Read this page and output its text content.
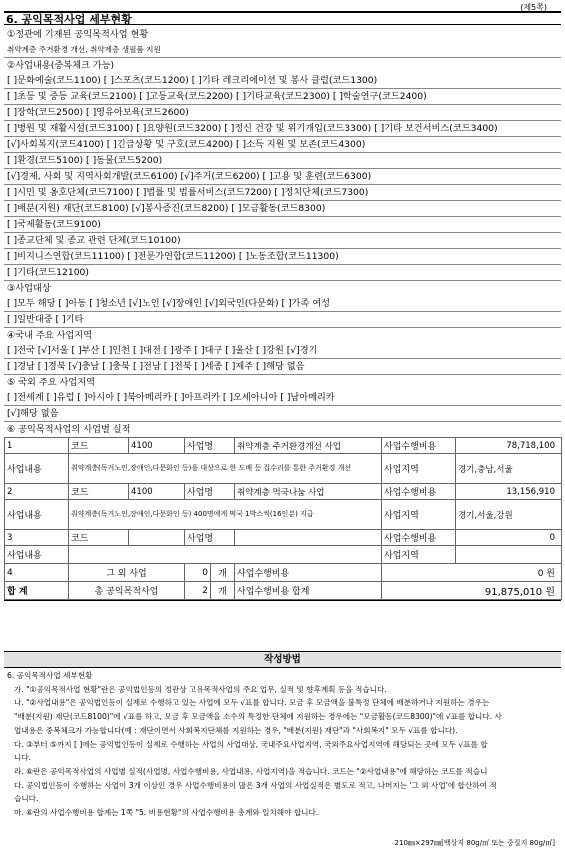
(제5쪽)
6. 공익목적사업 세부현황
①정관에 기재된 공익목적사업 현황
취약계층 주거환경 개선, 취약계층 생필품 지원
②사업내용(중복체크 가능)
[ ]문화예술(코드1100) [ ]스포츠(코드1200) [ ]기타 레크리에이션 및 봉사 클럽(코드1300)
[ ]초등 및 중등 교육(코드2100) [ ]고등교육(코드2200) [ ]기타교육(코드2300) [ ]학술연구(코드2400)
[ ]장학(코드2500) [ ]영유아보육(코드2600)
[ ]병원 및 재활시설(코드3100) [ ]요양원(코드3200) [ ]정신 건강 및 위기개입(코드3300) [ ]기타 보건서비스(코드3400)
[√]사회복지(코드4100) [ ]긴급상황 및 구호(코드4200) [ ]소득 지원 및 보존(코드4300)
[ ]환경(코드5100) [ ]동물(코드5200)
[√]경제, 사회 및 지역사회개발(코드6100) [√]주거(코드6200) [ ]고용 및 훈련(코드6300)
[ ]시민 및 옹호단체(코드7100) [ ]법률 및 법률서비스(코드7200) [ ]정치단체(코드7300)
[ ]배분(지원) 재단(코드8100) [√]봉사증진(코드8200) [ ]모금활동(코드8300)
[ ]국제활동(코드9100)
[ ]종교단체 및 종교 관련 단체(코드10100)
[ ]비지니스연합(코드11100) [ ]전문가연합(코드11200) [ ]노동조합(코드11300)
[ ]기타(코드12100)
③사업대상
[ ]모두 해당 [ ]아동 [ ]청소년 [√]노인 [√]장애인 [√]외국인(다문화) [ ]가족 여성
[ ]일반대중 [ ]기타
④국내 주요 사업지역
[ ]전국 [√]서울 [ ]부산 [ ]인천 [ ]대전 [ ]광주 [ ]대구 [ ]울산 [ ]강원 [√]경기
[ ]경남 [ ]경북 [√]충남 [ ]충북 [ ]전남 [ ]전북 [ ]세종 [ ]제주 [ ]해당 없음
⑤ 국외 주요 사업지역
[ ]전세계 [ ]유럽 [ ]아시아 [ ]북아메리카 [ ]아프리카 [ ]오세아니아 [ ]남아메리카
[√]해당 없음
⑥ 공익목적사업의 사업별 실적
1	코드	4100	사업명		취약계층 주거환경개선 사업	사업수행비용	78,718,100
사업내용	취약계층(독거노인,장애인,다문화인 등)을 대상으로 한 도배 등 집수리를 통한 주거환경 개선					사업지역	경기,충남,서울
2	코드	4100	사업명		취약계층 먹국나눔 사업	사업수행비용	13,156,910
사업내용	취약계층(독거노인,장애인,다문화인 등) 400명에게 떡국 1박스씩(16인분) 지급					사업지역	경기,서울,강원
3	코드		사업명			사업수행비용	0
사업내용						사업지역	
4	그 외 사업		0	개	사업수행비용	0 원	
합 계	총 공익목적사업		2	개	사업수행비용 합계	91,875,010 원	
작성방법

6. 공익목적사업 세부현황

가. "①공익목적사업 현황"란은 공익법인등의 정관상 고유목적사업의 주요 업무, 실적 및 향후계획 등을 적습니다.

나. "②사업내용"은 공익법인등이 실제로 수행하고 있는 사업에 모두 √표를 합니다. 모금 후 모금액을 불특정 단체에 배분하거나 지원하는 경우는

"배분(지원) 재단(코드8100)"에 √표를 하고, 모금 후 모금액을 소수의 특정한 단체에 지원하는 경우에는 "모금활동(코드8300)"에 √표를 합니다. 사

업내용은 중복체크가 가능합니다(예 : 재단이면서 사회복지단체를 지원하는 경우, "배분(지원) 재단"과 "사회복지" 모두 √표를 합니다).

다. ③부터 ⑤까지 [ ]에는 공익법인등이 실제로 수행하는 사업의 사업대상, 국내주요사업지역, 국외주요사업지역에 해당되는 곳에 모두 √표를 합

니다.

라. ⑥란은 공익목적사업의 사업별 실적(사업명, 사업수행비용, 사업내용, 사업지역)을 적습니다. 코드는 "②사업내용"에 해당하는 코드를 적습니

다. 공익법인등이 수행하는 사업이 3개 이상인 경우 사업수행비용이 많은 3개 사업의 사업실적은 별도로 적고, 나머지는 '그 외 사업'에 합산하여 적

습니다.

마. ⑥란의 사업수행비용 합계는 1쪽 "5. 비용현황"의 사업수행비용 총계와 일치해야 합니다.

210㎜×297㎜[백상지 80g/㎡ 또는 중질지 80g/㎡]
